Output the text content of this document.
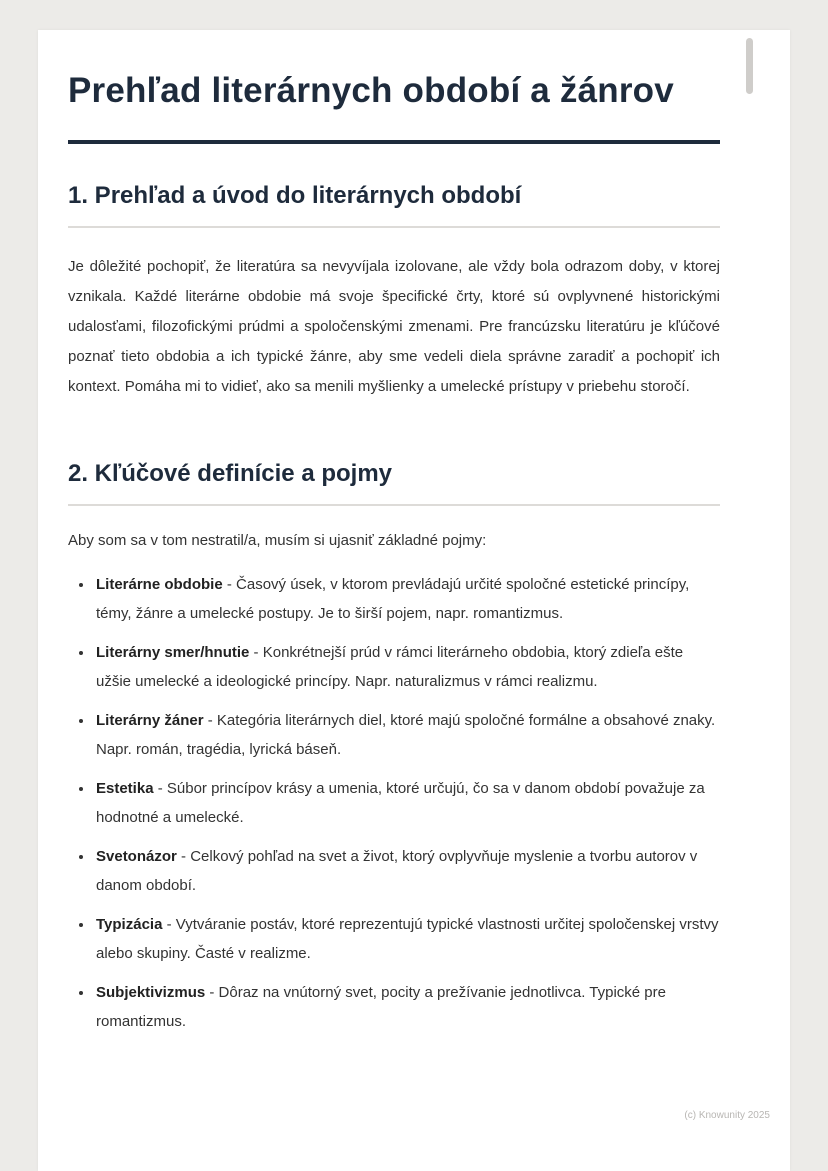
Prehľad literárnych období a žánrov
1. Prehľad a úvod do literárnych období

Je dôležité pochopiť, že literatúra sa nevyvíjala izolovane, ale vždy bola odrazom doby, v ktorej vznikala. Každé literárne obdobie má svoje špecifické črty, ktoré sú ovplyvnené historickými udalosťami, filozofickými prúdmi a spoločenskými zmenami. Pre francúzsku literatúru je kľúčové poznať tieto obdobia a ich typické žánre, aby sme vedeli diela správne zaradiť a pochopiť ich kontext. Pomáha mi to vidieť, ako sa menili myšlienky a umelecké prístupy v priebehu storočí.

2. Kľúčové definície a pojmy

Aby som sa v tom nestratil/a, musím si ujasniť základné pojmy:

• Literárne obdobie - Časový úsek, v ktorom prevládajú určité spoločné estetické princípy, témy, žánre a umelecké postupy. Je to širší pojem, napr. romantizmus.
• Literárny smer/hnutie - Konkrétnejší prúd v rámci literárneho obdobia, ktorý zdieľa ešte užšie umelecké a ideologické princípy. Napr. naturalizmus v rámci realizmu.
• Literárny žáner - Kategória literárnych diel, ktoré majú spoločné formálne a obsahové znaky. Napr. román, tragédia, lyrická báseň.
• Estetika - Súbor princípov krásy a umenia, ktoré určujú, čo sa v danom období považuje za hodnotné a umelecké.
• Svetonázor - Celkový pohľad na svet a život, ktorý ovplyvňuje myslenie a tvorbu autorov v danom období.
• Typizácia - Vytváranie postáv, ktoré reprezentujú typické vlastnosti určitej spoločenskej vrstvy alebo skupiny. Časté v realizme.
• Subjektivizmus - Dôraz na vnútorný svet, pocity a prežívanie jednotlivca. Typické pre romantizmus.
(c) Knowunity 2025
